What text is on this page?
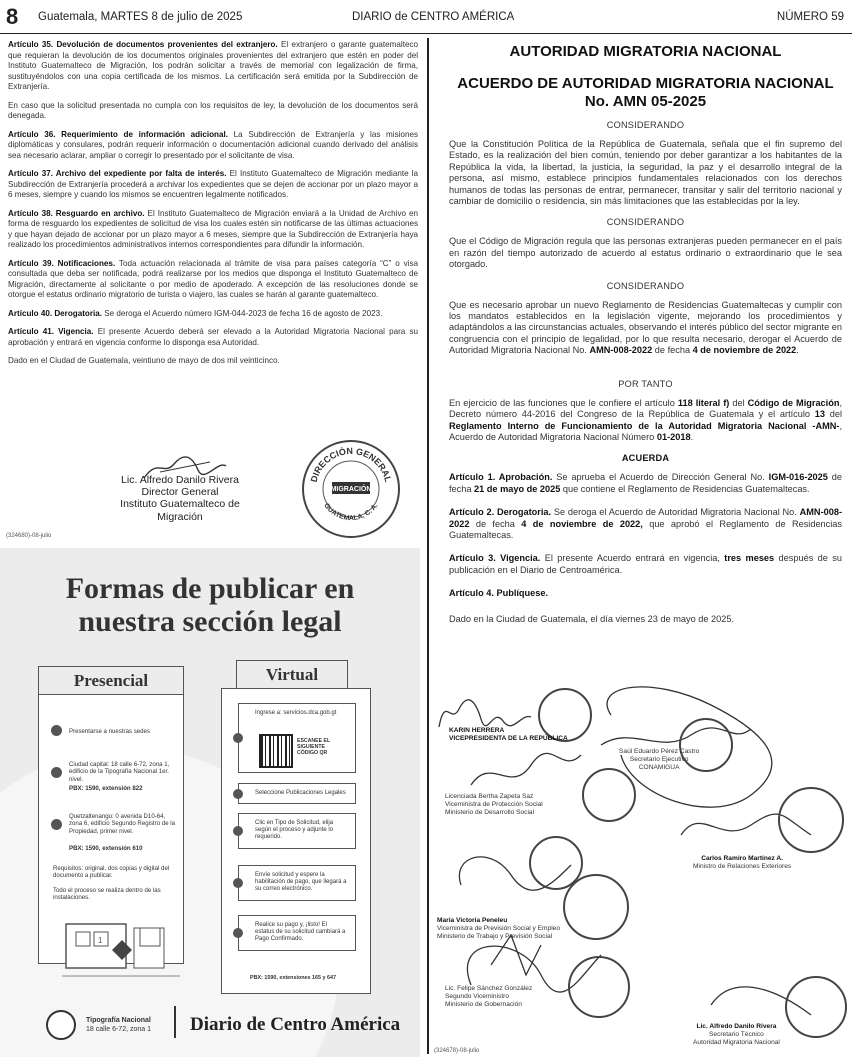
8 Guatemala, MARTES 8 de julio de 2025	DIARIO de CENTRO AMÉRICA	NÚMERO 59

Artículo 35. Devolución de documentos provenientes del extranjero. El extranjero o garante guatemalteco que requieran la devolución de los documentos originales provenientes del extranjero que estén en poder del Instituto Guatemalteco de Migración, los podrán solicitar a través de memorial con legalización de firma, sustituyéndolos con una copia certificada de los mismos. La certificación será emitida por la Subdirección de Extranjería.

En caso que la solicitud presentada no cumpla con los requisitos de ley, la devolución de los documentos será denegada.

Artículo 36. Requerimiento de información adicional. La Subdirección de Extranjería y las misiones diplomáticas y consulares, podrán requerir información o documentación adicional cuando derivado del análisis sea necesario aclarar, ampliar o corregir lo presentado por el solicitante de visa.

Artículo 37. Archivo del expediente por falta de interés. El Instituto Guatemalteco de Migración mediante la Subdirección de Extranjería procederá a archivar los expedientes que se dejen de accionar por un plazo mayor a 6 meses, siempre y cuando los mismos se encuentren legalmente notificados.

Artículo 38. Resguardo en archivo. El Instituto Guatemalteco de Migración enviará a la Unidad de Archivo en forma de resguardo los expedientes de solicitud de visa los cuales estén sin notificarse de las últimas actuaciones y que hayan dejado de accionar por un plazo mayor a 6 meses, siempre que la Subdirección de Extranjería haya realizado los procedimientos administrativos internos correspondientes para difundir la información.

Artículo 39. Notificaciones. Toda actuación relacionada al trámite de visa para países categoría “C” o visa consultada que deba ser notificada, podrá realizarse por los medios que disponga el Instituto Guatemalteco de Migración, directamente al solicitante o por medio de apoderado. A excepción de las resoluciones donde se otorgue el estatus ordinario migratorio de turista o viajero, las cuales se harán al garante guatemalteco.

Artículo 40. Derogatoria. Se deroga el Acuerdo número IGM-044-2023 de fecha 16 de agosto de 2023.

Artículo 41. Vigencia. El presente Acuerdo deberá ser elevado a la Autoridad Migratoria Nacional para su aprobación y entrará en vigencia conforme lo disponga esa Autoridad.

Dado en el Ciudad de Guatemala, veintiuno de mayo de dos mil veinticinco.

Lic. Alfredo Danilo Rivera
Director General
Instituto Guatemalteco de Migración
DIRECCIÓN GENERAL
GUATEMALA, C. A.
MIGRACIÓN
(324680)-08-julio
Formas de publicar en nuestra sección legal
Presencial
Presentarse a nuestras sedes
Ciudad capital: 18 calle 6-72, zona 1, edificio de la Tipografía Nacional 1er. nivel.
PBX: 1590, extensión 822
Quetzaltenango: 0 avenida D10-64, zona 6, edificio Segundo Registro de la Propiedad, primer nivel.
PBX: 1590, extensión 610
Requisitos: original, dos copias y digital del documento a publicar.
Todo el proceso se realiza dentro de las instalaciones.
Virtual
Ingrese a: servicios.dca.gob.gt
ESCANEE EL SIGUIENTE CÓDIGO QR
Seleccione Publicaciones Legales
Clic en Tipo de Solicitud, elija según el proceso y adjunte lo requerido.
Envíe solicitud y espere la habilitación de pago, que llegará a su correo electrónico.
Realice su pago y, ¡listo! El estatus de su solicitud cambiará a Pago Confirmado.
PBX: 1590, extensiones 165 y 647
1
Tipografía Nacional
18 calle 6-72, zona 1 Diario de Centro América
AUTORIDAD MIGRATORIA NACIONAL
ACUERDO DE AUTORIDAD MIGRATORIA NACIONAL No. AMN 05-2025
CONSIDERANDO

Que la Constitución Política de la República de Guatemala, señala que el fin supremo del Estado, es la realización del bien común, teniendo por deber garantizar a los habitantes de la República la vida, la libertad, la justicia, la seguridad, la paz y el desarrollo integral de la persona, así mismo, establece principios fundamentales relacionados con los derechos humanos de todas las personas de entrar, permanecer, transitar y salir del territorio nacional y cambiar de domicilio o residencia, sin más limitaciones que las establecidas por la ley.

CONSIDERANDO

Que el Código de Migración regula que las personas extranjeras pueden permanecer en el país en razón del tiempo autorizado de acuerdo al estatus ordinario o extraordinario que le sea otorgado.

CONSIDERANDO

Que es necesario aprobar un nuevo Reglamento de Residencias Guatemaltecas y cumplir con los mandatos establecidos en la legislación vigente, mejorando los procedimientos y adaptándolos a las circunstancias actuales, observando el interés público del sector migrante en congruencia con el principio de legalidad, por lo que resulta necesario, derogar el Acuerdo de Autoridad Migratoria Nacional No. AMN-008-2022 de fecha 4 de noviembre de 2022.

POR TANTO

En ejercicio de las funciones que le confiere el artículo 118 literal f) del Código de Migración, Decreto número 44-2016 del Congreso de la República de Guatemala y el artículo 13 del Reglamento Interno de Funcionamiento de la Autoridad Migratoria Nacional -AMN-, Acuerdo de Autoridad Migratoria Nacional Número 01-2018.

ACUERDA

Artículo 1. Aprobación. Se aprueba el Acuerdo de Dirección General No. IGM-016-2025 de fecha 21 de mayo de 2025 que contiene el Reglamento de Residencias Guatemaltecas.

Artículo 2. Derogatoria. Se deroga el Acuerdo de Autoridad Migratoria Nacional No. AMN-008-2022 de fecha 4 de noviembre de 2022, que aprobó el Reglamento de Residencias Guatemaltecas.

Artículo 3. Vigencia. El presente Acuerdo entrará en vigencia, tres meses después de su publicación en el Diario de Centroamérica.

Artículo 4. Publíquese.

Dado en la Ciudad de Guatemala, el día viernes 23 de mayo de 2025.

KARIN HERRERA
VICEPRESIDENTA DE LA REPÚBLICA
Saúl Eduardo Pérez Castro
Secretario Ejecutivo
CONAMIGUA
Licenciada Bertha Zapeta Saz
Viceministra de Protección Social
Ministerio de Desarrollo Social
Carlos Ramiro Martínez A.
Ministro de Relaciones Exteriores
María Victoria Peneleu
Viceministra de Previsión Social y Empleo
Ministerio de Trabajo y Previsión Social
Lic. Felipe Sánchez González
Segundo Viceministro
Ministerio de Gobernación
Lic. Alfredo Danilo Rivera
Secretario Técnico
Autoridad Migratoria Nacional
(324678)-08-julio
